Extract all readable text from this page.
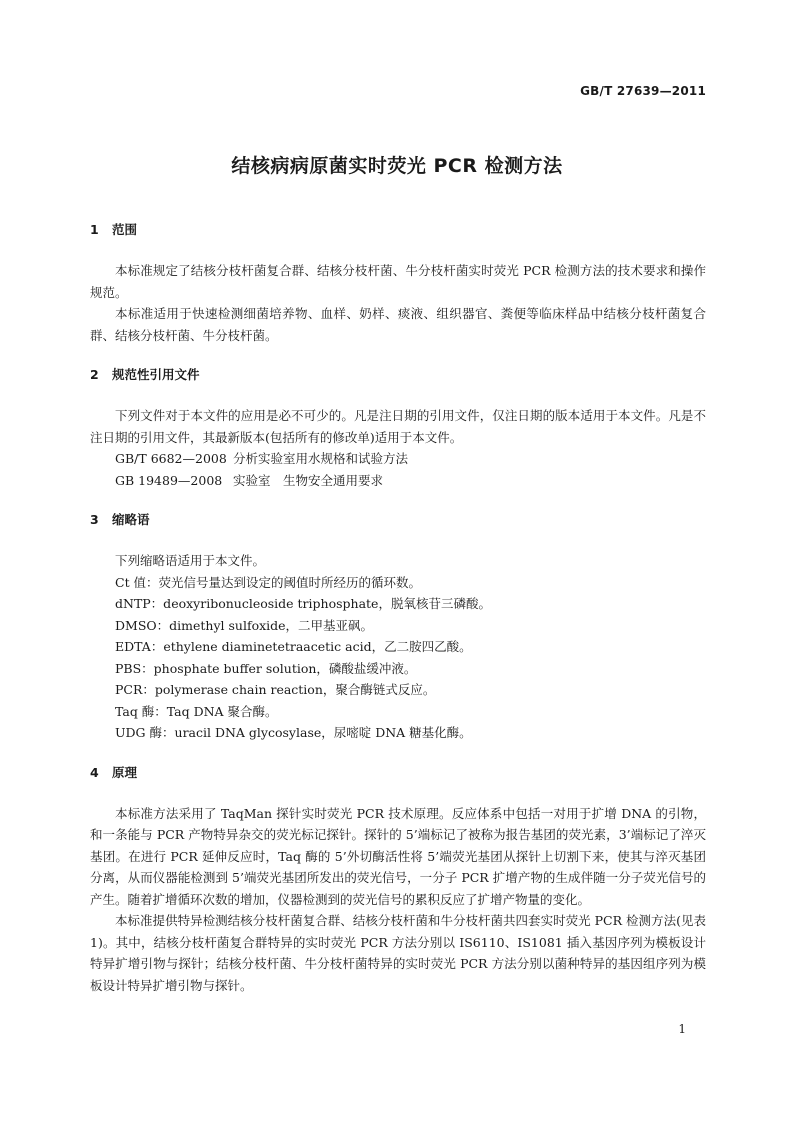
GB/T 27639—2011
结核病病原菌实时荧光 PCR 检测方法
1 范围

本标准规定了结核分枝杆菌复合群、结核分枝杆菌、牛分枝杆菌实时荧光 PCR 检测方法的技术要求和操作规范。

本标准适用于快速检测细菌培养物、血样、奶样、痰液、组织器官、粪便等临床样品中结核分枝杆菌复合群、结核分枝杆菌、牛分枝杆菌。

2 规范性引用文件

下列文件对于本文件的应用是必不可少的。凡是注日期的引用文件，仅注日期的版本适用于本文件。凡是不注日期的引用文件，其最新版本(包括所有的修改单)适用于本文件。

GB/T 6682—2008 分析实验室用水规格和试验方法

GB 19489—2008 实验室　生物安全通用要求

3 缩略语

下列缩略语适用于本文件。

Ct 值：荧光信号量达到设定的阈值时所经历的循环数。

dNTP：deoxyribonucleoside triphosphate，脱氧核苷三磷酸。

DMSO：dimethyl sulfoxide，二甲基亚砜。

EDTA：ethylene diaminetetraacetic acid，乙二胺四乙酸。

PBS：phosphate buffer solution，磷酸盐缓冲液。

PCR：polymerase chain reaction，聚合酶链式反应。

Taq 酶：Taq DNA 聚合酶。

UDG 酶：uracil DNA glycosylase，尿嘧啶 DNA 糖基化酶。

4 原理

本标准方法采用了 TaqMan 探针实时荧光 PCR 技术原理。反应体系中包括一对用于扩增 DNA 的引物，和一条能与 PCR 产物特异杂交的荧光标记探针。探针的 5’端标记了被称为报告基团的荧光素，3’端标记了淬灭基团。在进行 PCR 延伸反应时，Taq 酶的 5’外切酶活性将 5’端荧光基团从探针上切割下来，使其与淬灭基团分离，从而仪器能检测到 5’端荧光基团所发出的荧光信号，一分子 PCR 扩增产物的生成伴随一分子荧光信号的产生。随着扩增循环次数的增加，仪器检测到的荧光信号的累积反应了扩增产物量的变化。

本标准提供特异检测结核分枝杆菌复合群、结核分枝杆菌和牛分枝杆菌共四套实时荧光 PCR 检测方法(见表 1)。其中，结核分枝杆菌复合群特异的实时荧光 PCR 方法分别以 IS6110、IS1081 插入基因序列为模板设计特异扩增引物与探针；结核分枝杆菌、牛分枝杆菌特异的实时荧光 PCR 方法分别以菌种特异的基因组序列为模板设计特异扩增引物与探针。

1
